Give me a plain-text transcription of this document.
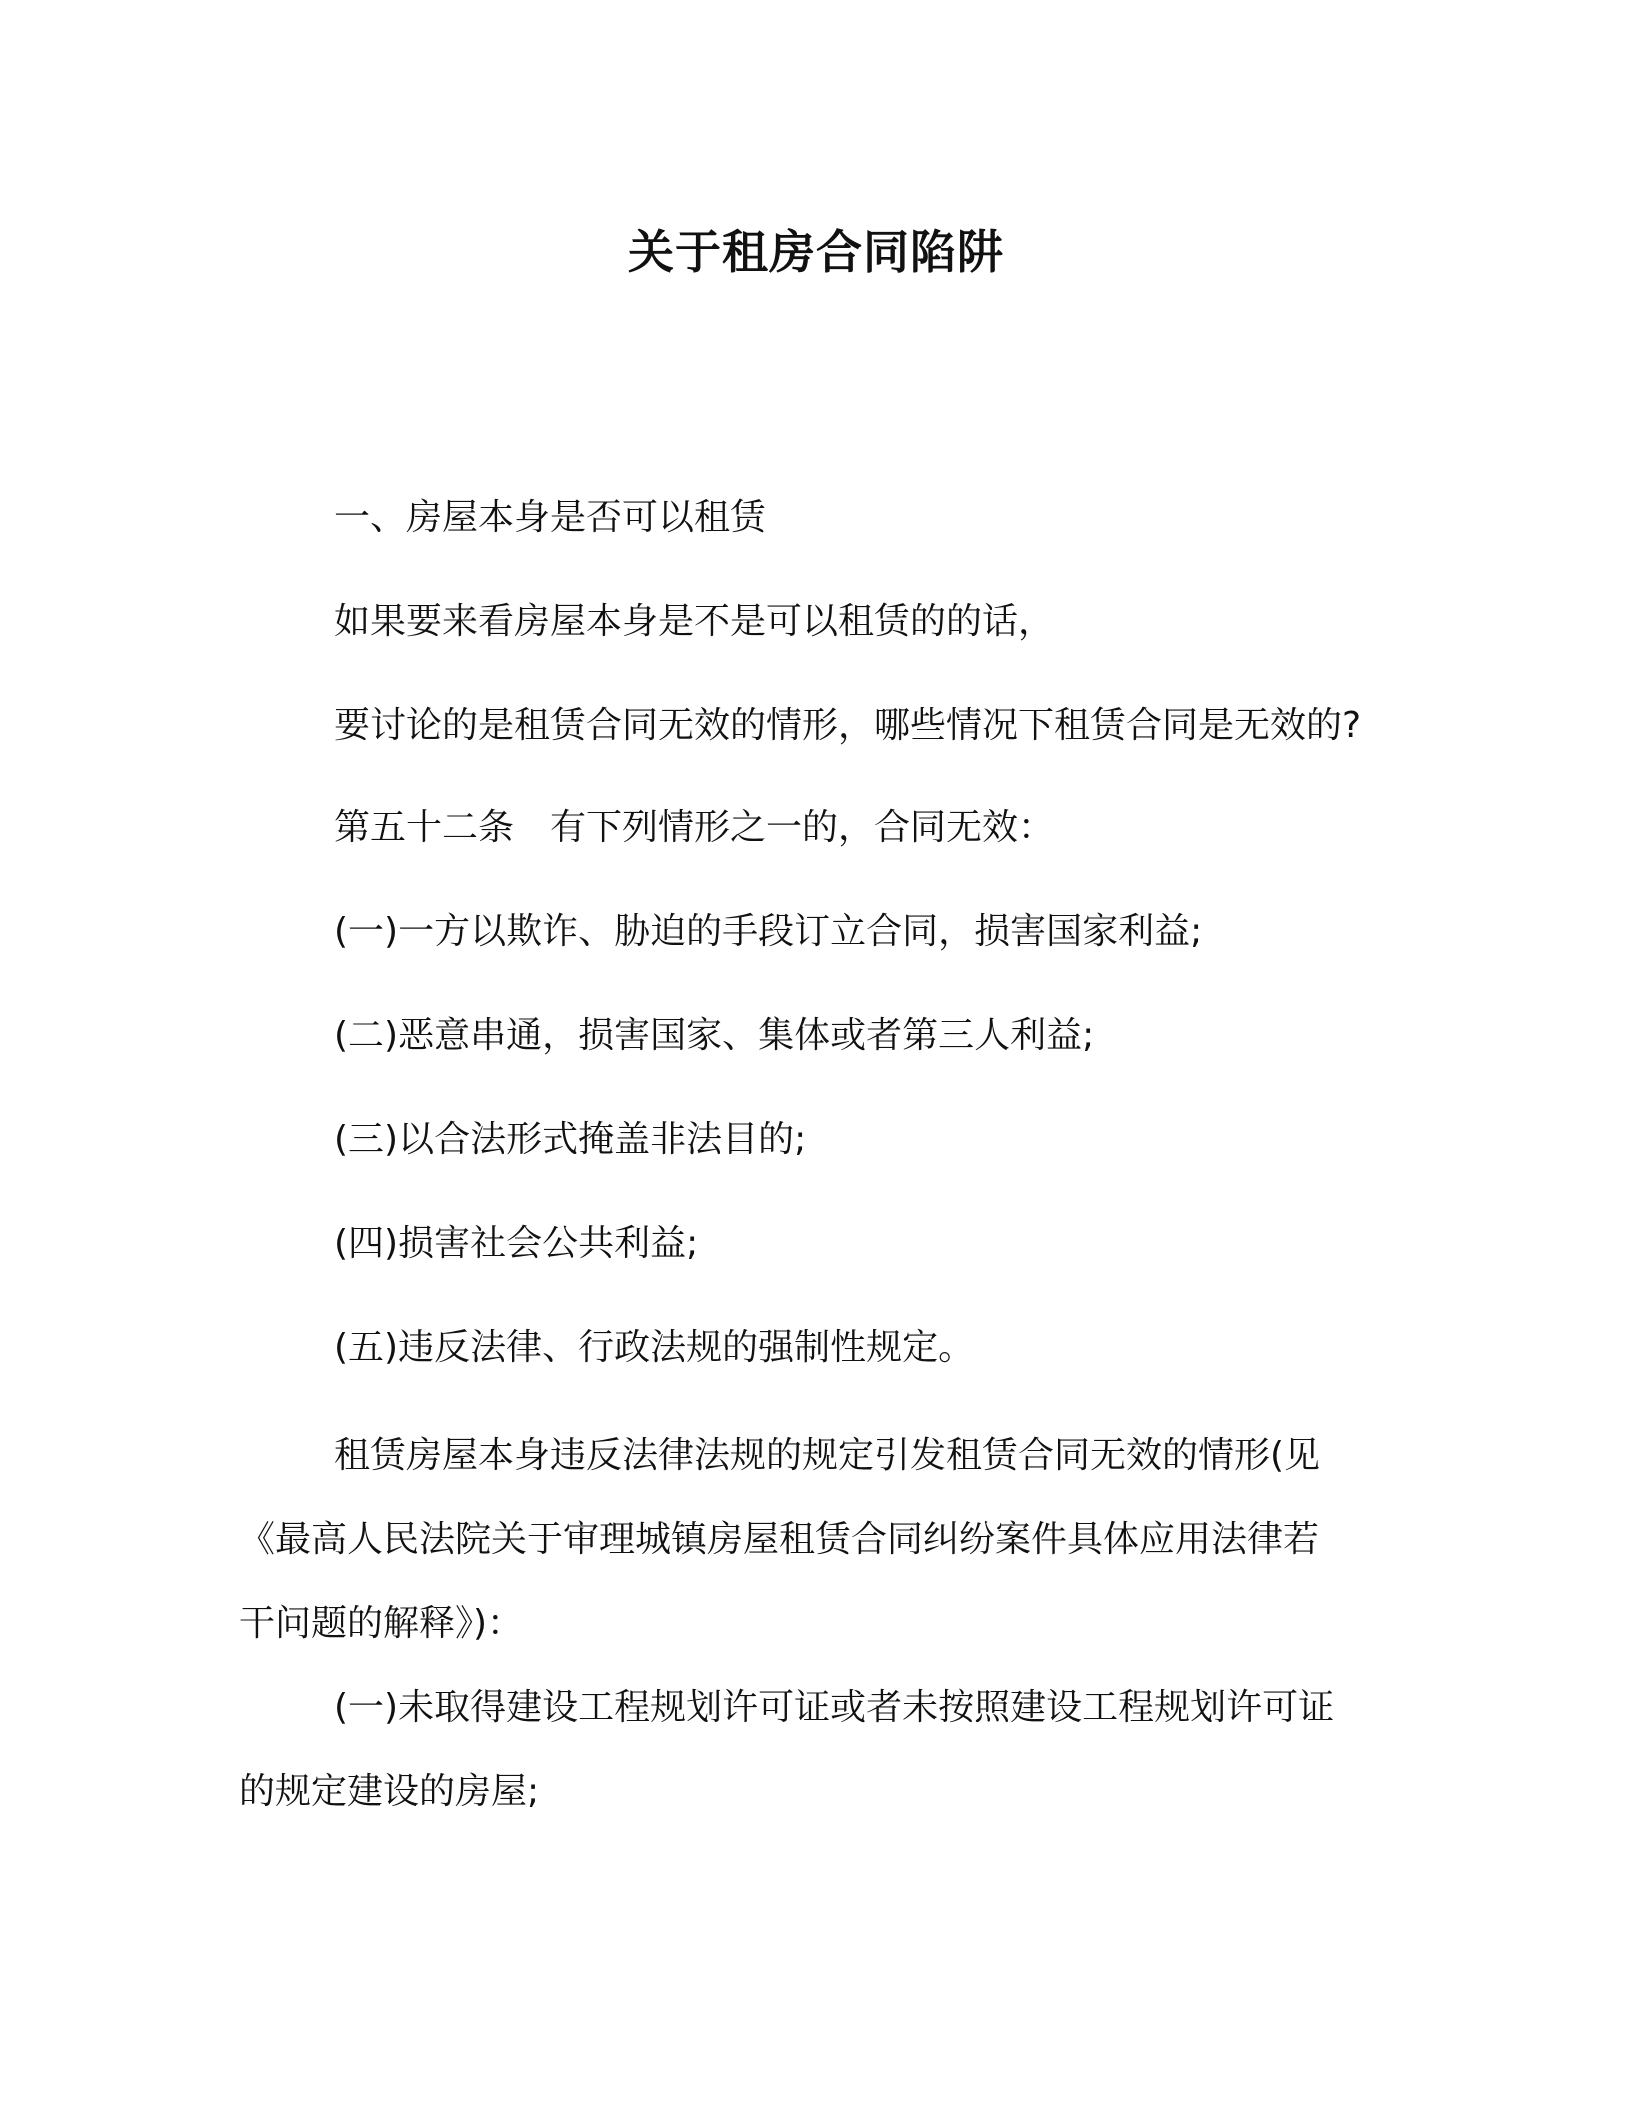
关于租房合同陷阱
一、房屋本身是否可以租赁
如果要来看房屋本身是不是可以租赁的的话，
要讨论的是租赁合同无效的情形，哪些情况下租赁合同是无效的?
第五十二条　有下列情形之一的，合同无效：
(一)一方以欺诈、胁迫的手段订立合同，损害国家利益;
(二)恶意串通，损害国家、集体或者第三人利益;
(三)以合法形式掩盖非法目的;
(四)损害社会公共利益;
(五)违反法律、行政法规的强制性规定。
租赁房屋本身违反法律法规的规定引发租赁合同无效的情形(见
《最高人民法院关于审理城镇房屋租赁合同纠纷案件具体应用法律若
干问题的解释》)：
(一)未取得建设工程规划许可证或者未按照建设工程规划许可证
的规定建设的房屋;
